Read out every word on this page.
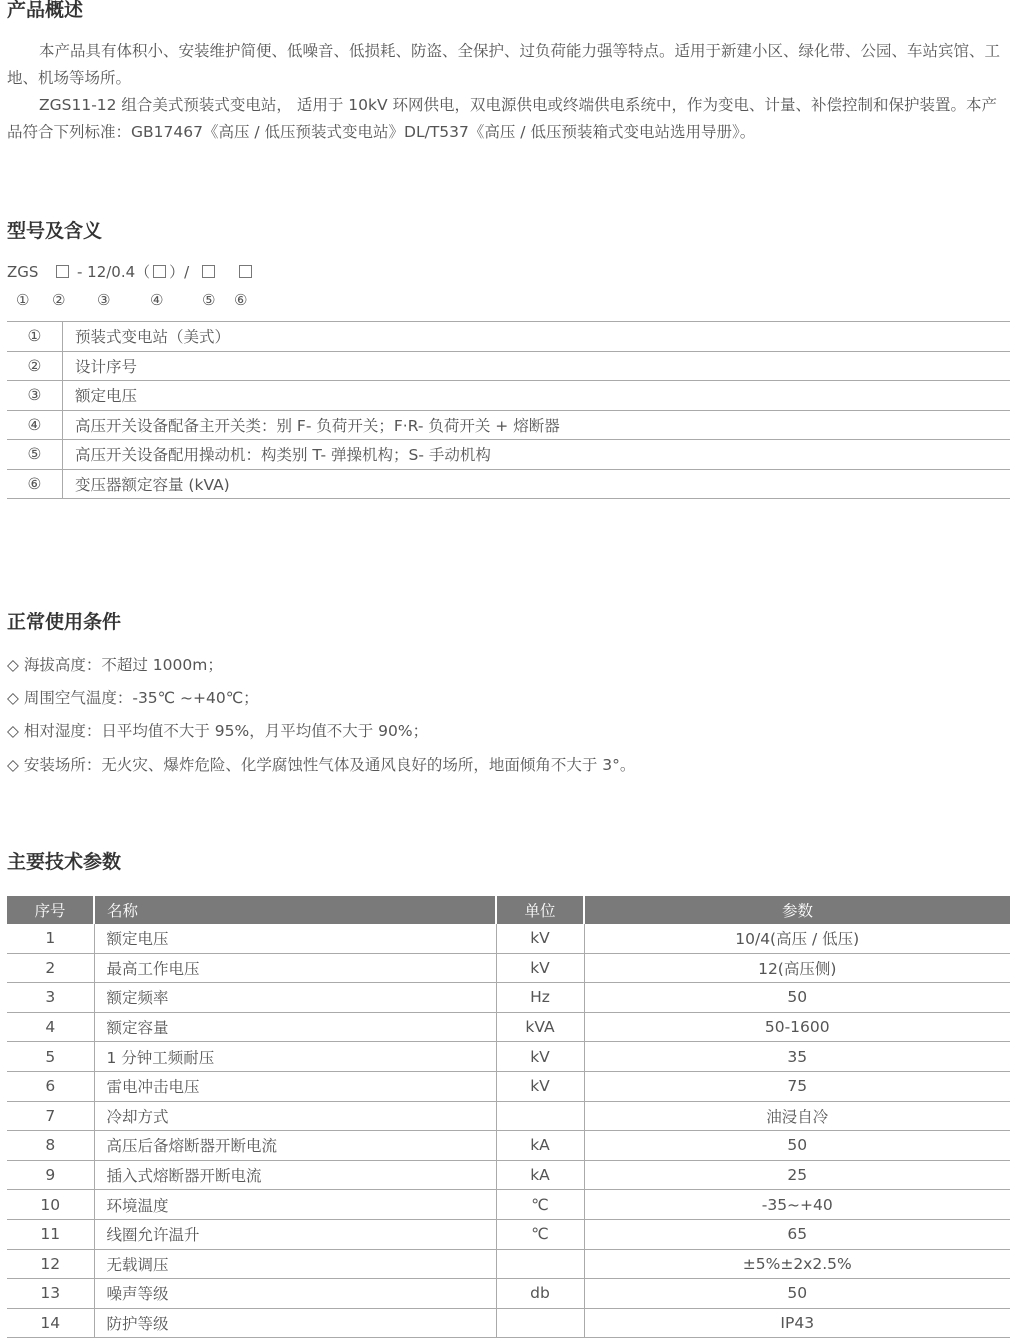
产品概述

本产品具有体积小、安装维护简便、低噪音、低损耗、防盗、全保护、过负荷能力强等特点。适用于新建小区、绿化带、公园、车站宾馆、工地、机场等场所。

ZGS11-12 组合美式预装式变电站， 适用于 10kV 环网供电，双电源供电或终端供电系统中，作为变电、计量、补偿控制和保护装置。本产品符合下列标准：GB17467《高压 / 低压预装式变电站》DL/T537《高压 / 低压预装箱式变电站选用导册》。

型号及含义
ZGS	- 12/0.4（ ）/
① ② ③	④	⑤ ⑥
①	预装式变电站（美式）
②	设计序号
③	额定电压
④	高压开关设备配备主开关类：别 F- 负荷开关；F·R- 负荷开关 + 熔断器
⑤	高压开关设备配用操动机：构类别 T- 弹操机构；S- 手动机构
⑥	变压器额定容量 (kVA)
正常使用条件
◇ 海拔高度：不超过 1000m；
◇ 周围空气温度：-35℃ ~+40℃；
◇ 相对湿度：日平均值不大于 95%，月平均值不大于 90%；
◇ 安装场所：无火灾、爆炸危险、化学腐蚀性气体及通风良好的场所，地面倾角不大于 3°。
主要技术参数
序号	名称	单位	参数
1	额定电压	kV	10/4(高压 / 低压)
2	最高工作电压	kV	12(高压侧)
3	额定频率	Hz	50
4	额定容量	kVA	50-1600
5	1 分钟工频耐压	kV	35
6	雷电冲击电压	kV	75
7	冷却方式		油浸自冷
8	高压后备熔断器开断电流	kA	50
9	插入式熔断器开断电流	kA	25
10	环境温度	℃	-35~+40
11	线圈允许温升	℃	65
12	无载调压		±5%±2x2.5%
13	噪声等级	db	50
14	防护等级		IP43
